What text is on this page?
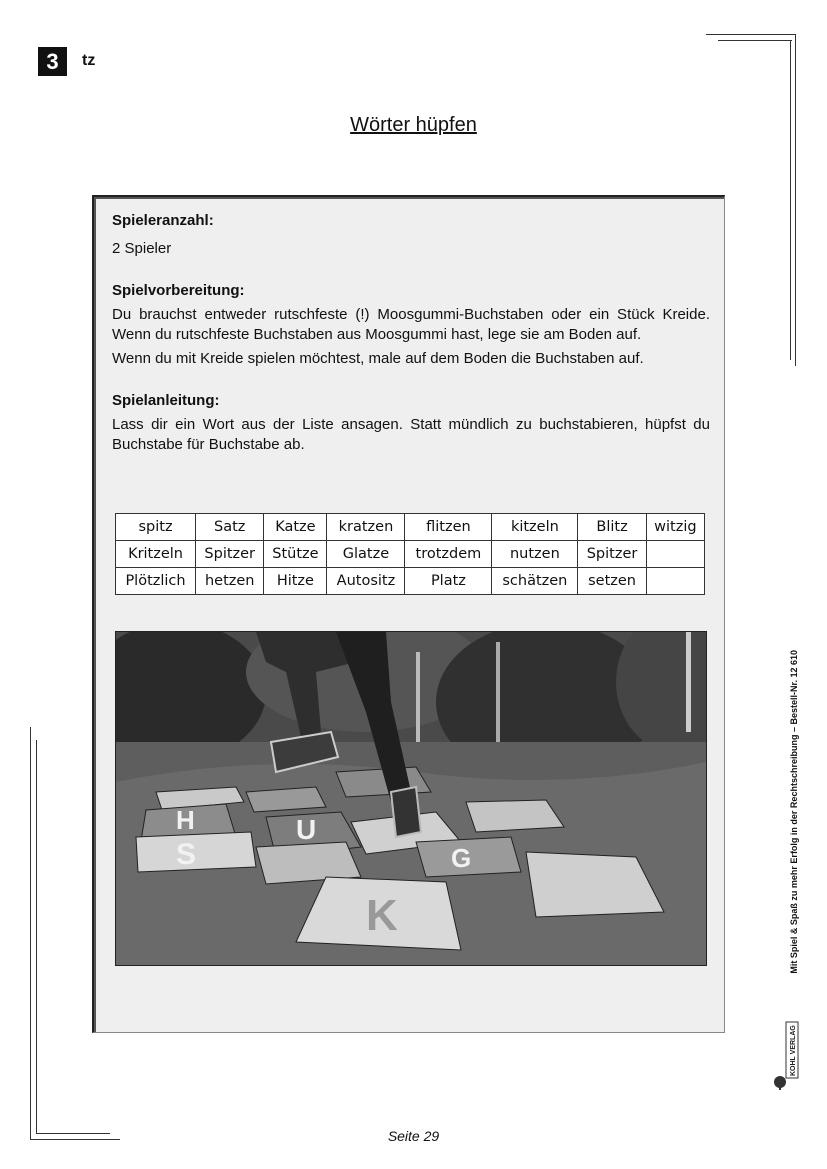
3	tz
Wörter hüpfen

Spieleranzahl:

2 Spieler

Spielvorbereitung:

Du brauchst entweder rutschfeste (!) Moosgummi-Buchstaben oder ein Stück Kreide. Wenn du rutschfeste Buchstaben aus Moosgummi hast, lege sie am Boden auf.

Wenn du mit Kreide spielen möchtest, male auf dem Boden die Buchstaben auf.

Spielanleitung:

Lass dir ein Wort aus der Liste ansagen. Statt mündlich zu buchstabieren, hüpfst du Buchstabe für Buchstabe ab.

spitz	Satz	Katze	kratzen	flitzen	kitzeln	Blitz	witzig
Kritzeln	Spitzer	Stütze	Glatze	trotzdem	nutzen	Spitzer	
Plötzlich	hetzen	Hitze	Autositz	Platz	schätzen	setzen	
H
S
U
G
K	Mit Spiel & Spaß zu mehr Erfolg in der Rechtschreibung – Bestell-Nr. 12 610
KOHL VERLAG
Seite 29
